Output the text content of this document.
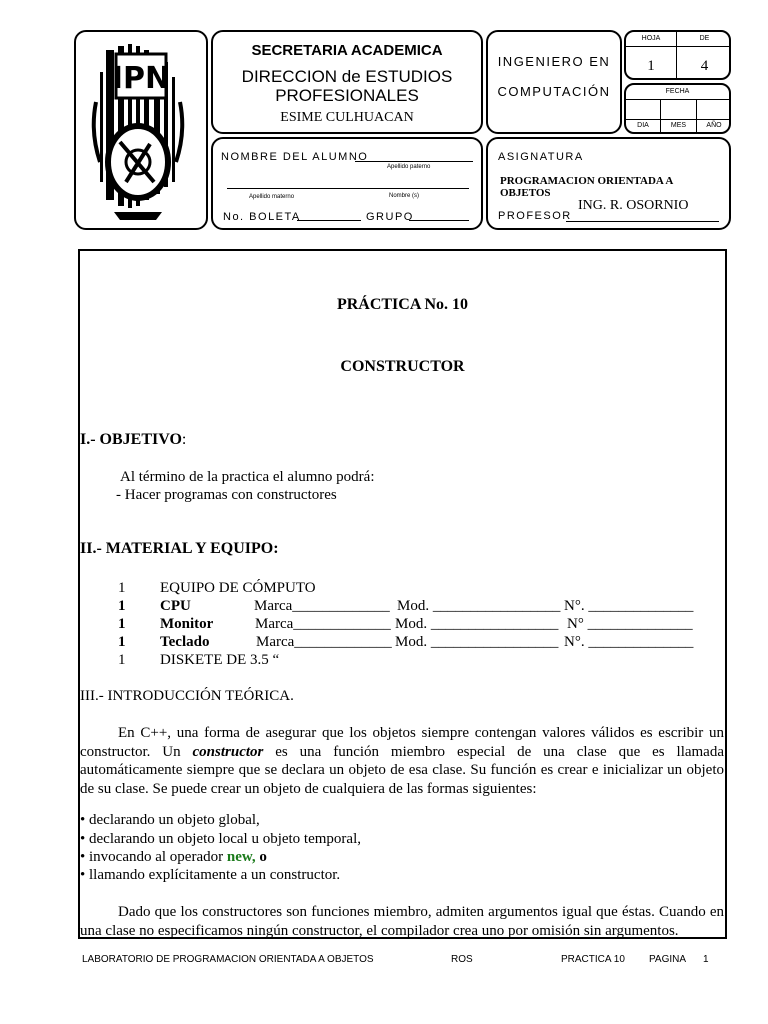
IPN
SECRETARIA ACADEMICA
DIRECCION de ESTUDIOS
PROFESIONALES
ESIME CULHUACAN
INGENIERO EN
COMPUTACIÓN
HOJA	DE
1	4
FECHA
DIA	MES	AÑO
NOMBRE DEL ALUMNO
Apellido paterno
Apellido materno	Nombre (s)
No. BOLETA	GRUPO
ASIGNATURA
PROGRAMACION ORIENTADA A
OBJETOS
ING. R. OSORNIO
PROFESOR
PRÁCTICA No. 10
CONSTRUCTOR
I.- OBJETIVO:
Al término de la practica el alumno podrá:
- Hacer programas con constructores
II.- MATERIAL Y EQUIPO:
1 EQUIPO DE CÓMPUTO
1 CPU	Marca_____________ Mod. _________________ N°. ______________
1 Monitor	Marca_____________ Mod. _________________ N° ______________
1 Teclado	Marca_____________ Mod. _________________ N°. ______________
1 DISKETE DE 3.5 “
III.- INTRODUCCIÓN TEÓRICA.

En C++, una forma de asegurar que los objetos siempre contengan valores válidos es escribir un constructor. Un constructor es una función miembro especial de una clase que es llamada automáticamente siempre que se declara un objeto de esa clase. Su función es crear e inicializar un objeto de su clase. Se puede crear un objeto de cualquiera de las formas siguientes:

• declarando un objeto global,
• declarando un objeto local u objeto temporal,
• invocando al operador new, o
• llamando explícitamente a un constructor.

Dado que los constructores son funciones miembro, admiten argumentos igual que éstas. Cuando en una clase no especificamos ningún constructor, el compilador crea uno por omisión sin argumentos.

LABORATORIO DE PROGRAMACION ORIENTADA A OBJETOS	ROS	PRACTICA 10 PAGINA 1
